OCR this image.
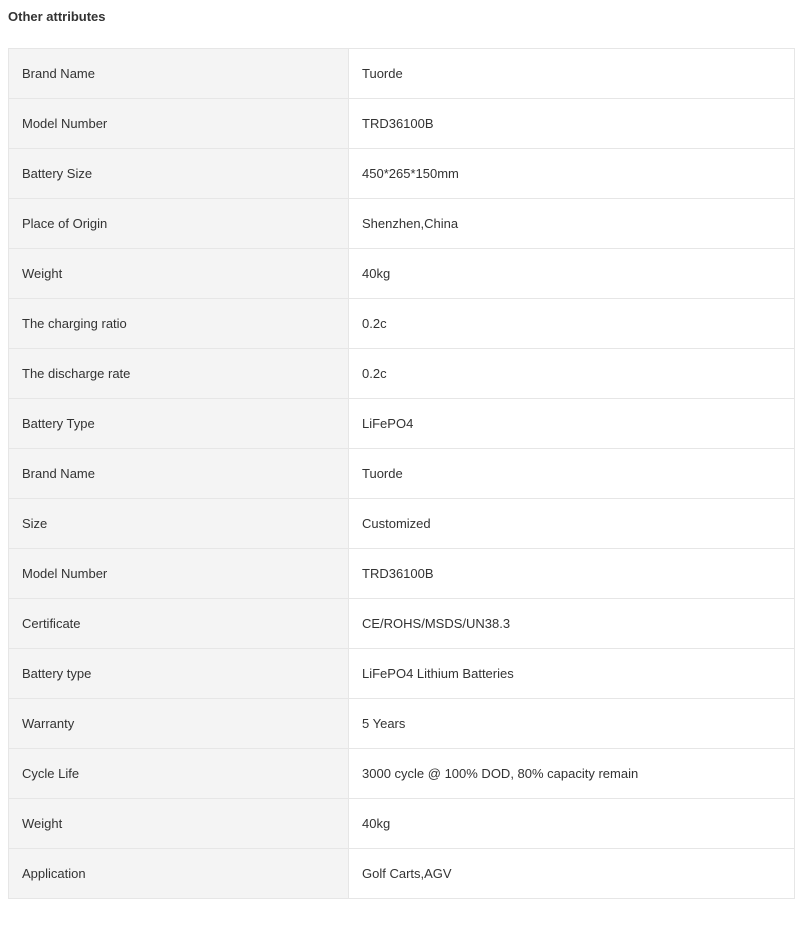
Other attributes
Brand Name	Tuorde
Model Number	TRD36100B
Battery Size	450*265*150mm
Place of Origin	Shenzhen,China
Weight	40kg
The charging ratio	0.2c
The discharge rate	0.2c
Battery Type	LiFePO4
Brand Name	Tuorde
Size	Customized
Model Number	TRD36100B
Certificate	CE/ROHS/MSDS/UN38.3
Battery type	LiFePO4 Lithium Batteries
Warranty	5 Years
Cycle Life	3000 cycle @ 100% DOD, 80% capacity remain
Weight	40kg
Application	Golf Carts,AGV
